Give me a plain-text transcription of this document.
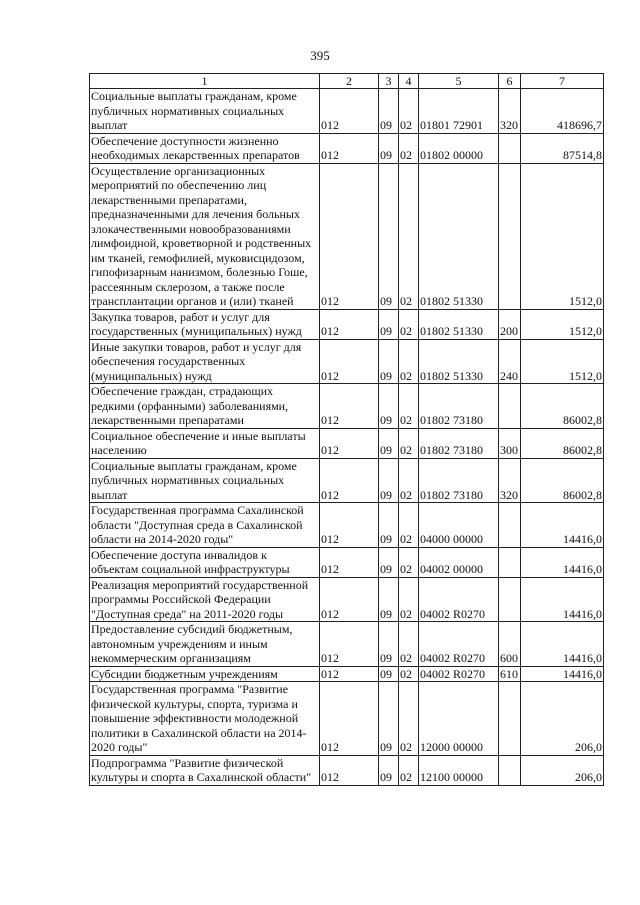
395
1	2	3	4	5	6	7
Социальные выплаты гражданам, кроме публичных нормативных социальных выплат	012	09	02	01801 72901	320	418696,7
Обеспечение доступности жизненно необходимых лекарственных препаратов	012	09	02	01802 00000		87514,8
Осуществление организационных мероприятий по обеспечению лиц лекарственными препаратами, предназначенными для лечения больных злокачественными новообразованиями лимфоидной, кроветворной и родственных им тканей, гемофилией, муковисцидозом, гипофизарным нанизмом, болезнью Гоше, рассеянным склерозом, а также после трансплантации органов и (или) тканей	012	09	02	01802 51330		1512,0
Закупка товаров, работ и услуг для государственных (муниципальных) нужд	012	09	02	01802 51330	200	1512,0
Иные закупки товаров, работ и услуг для обеспечения государственных (муниципальных) нужд	012	09	02	01802 51330	240	1512,0
Обеспечение граждан, страдающих редкими (орфанными) заболеваниями, лекарственными препаратами	012	09	02	01802 73180		86002,8
Социальное обеспечение и иные выплаты населению	012	09	02	01802 73180	300	86002,8
Социальные выплаты гражданам, кроме публичных нормативных социальных выплат	012	09	02	01802 73180	320	86002,8
Государственная программа Сахалинской области "Доступная среда в Сахалинской области на 2014-2020 годы"	012	09	02	04000 00000		14416,0
Обеспечение доступа инвалидов к объектам социальной инфраструктуры	012	09	02	04002 00000		14416,0
Реализация мероприятий государственной программы Российской Федерации "Доступная среда" на 2011-2020 годы	012	09	02	04002 R0270		14416,0
Предоставление субсидий бюджетным, автономным учреждениям и иным некоммерческим организациям	012	09	02	04002 R0270	600	14416,0
Субсидии бюджетным учреждениям	012	09	02	04002 R0270	610	14416,0
Государственная программа "Развитие физической культуры, спорта, туризма и повышение эффективности молодежной политики в Сахалинской области на 2014-2020 годы"	012	09	02	12000 00000		206,0
Подпрограмма "Развитие физической культуры и спорта в Сахалинской области"	012	09	02	12100 00000		206,0
